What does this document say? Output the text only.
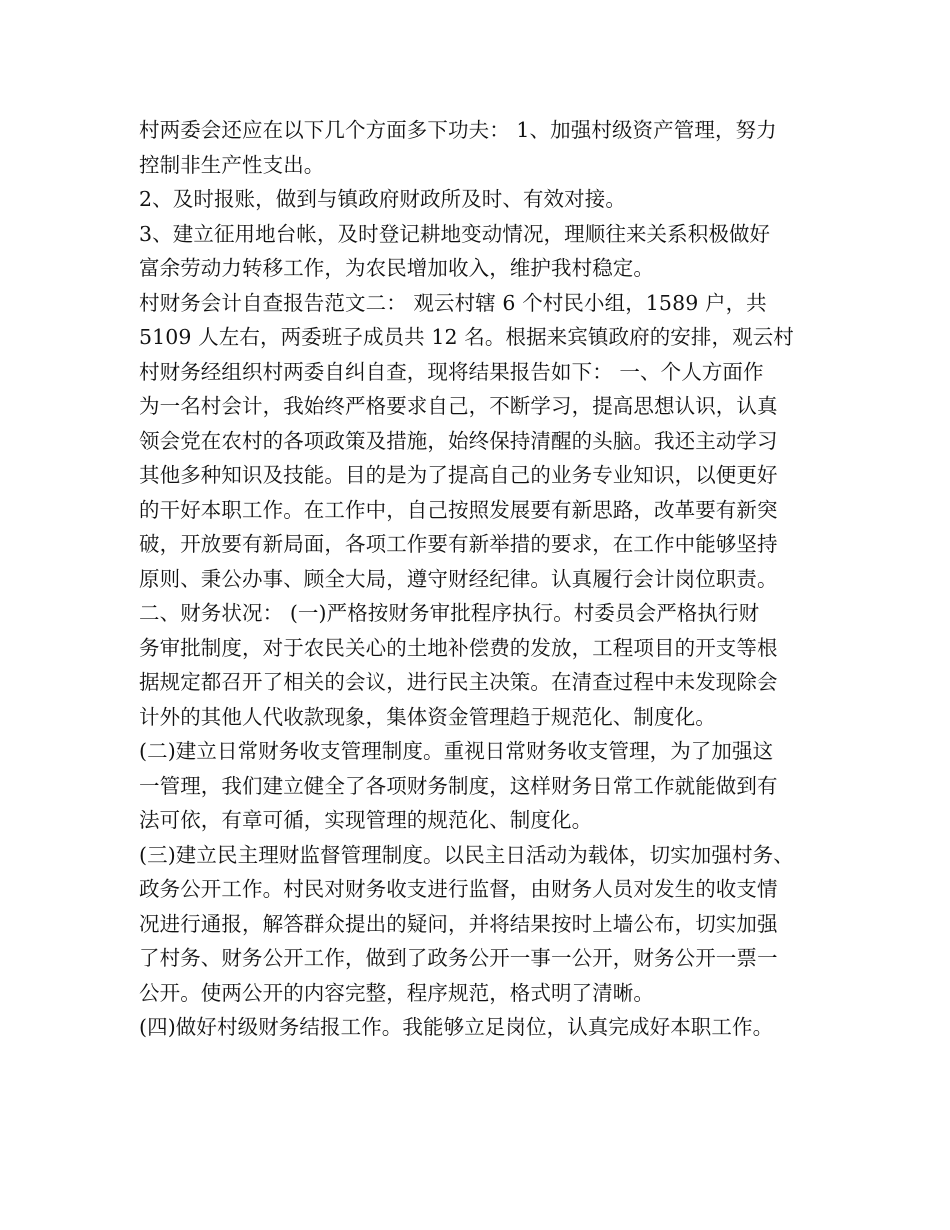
村两委会还应在以下几个方面多下功夫： 1、加强村级资产管理，努力
控制非生产性支出。
2、及时报账，做到与镇政府财政所及时、有效对接。
3、建立征用地台帐，及时登记耕地变动情况，理顺往来关系积极做好
富余劳动力转移工作，为农民增加收入，维护我村稳定。
村财务会计自查报告范文二： 观云村辖 6 个村民小组，1589 户，共
5109 人左右，两委班子成员共 12 名。根据来宾镇政府的安排，观云村
村财务经组织村两委自纠自查，现将结果报告如下： 一、个人方面作
为一名村会计，我始终严格要求自己，不断学习，提高思想认识，认真
领会党在农村的各项政策及措施，始终保持清醒的头脑。我还主动学习
其他多种知识及技能。目的是为了提高自己的业务专业知识，以便更好
的干好本职工作。在工作中，自己按照发展要有新思路，改革要有新突
破，开放要有新局面，各项工作要有新举措的要求，在工作中能够坚持
原则、秉公办事、顾全大局，遵守财经纪律。认真履行会计岗位职责。
二、财务状况： (一)严格按财务审批程序执行。村委员会严格执行财
务审批制度，对于农民关心的土地补偿费的发放，工程项目的开支等根
据规定都召开了相关的会议，进行民主决策。在清查过程中未发现除会
计外的其他人代收款现象，集体资金管理趋于规范化、制度化。
(二)建立日常财务收支管理制度。重视日常财务收支管理，为了加强这
一管理，我们建立健全了各项财务制度，这样财务日常工作就能做到有
法可依，有章可循，实现管理的规范化、制度化。
(三)建立民主理财监督管理制度。以民主日活动为载体，切实加强村务、
政务公开工作。村民对财务收支进行监督，由财务人员对发生的收支情
况进行通报，解答群众提出的疑问，并将结果按时上墙公布，切实加强
了村务、财务公开工作，做到了政务公开一事一公开，财务公开一票一
公开。使两公开的内容完整，程序规范，格式明了清晰。
(四)做好村级财务结报工作。我能够立足岗位，认真完成好本职工作。
